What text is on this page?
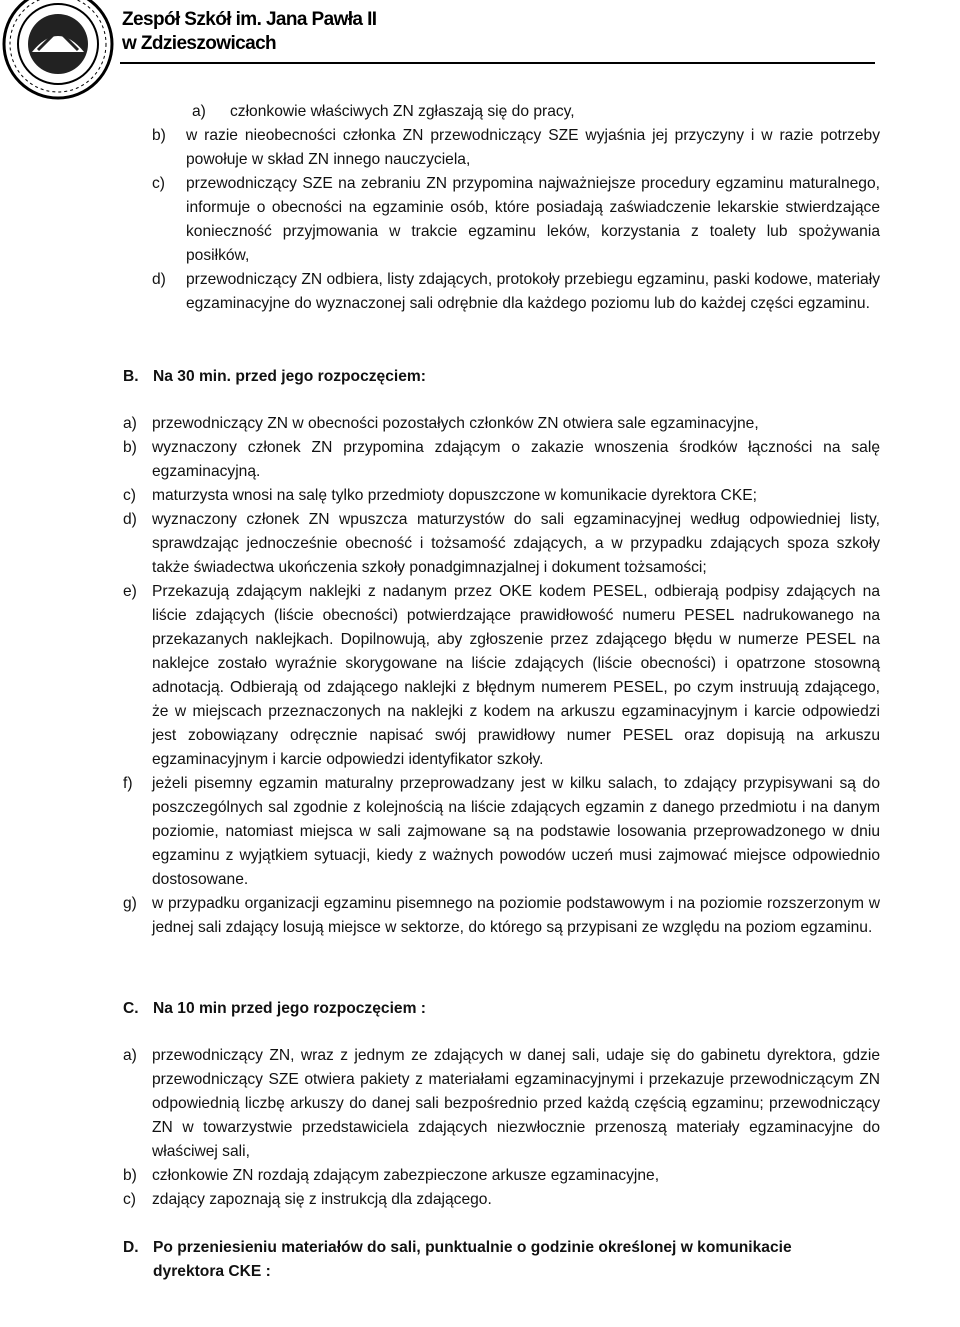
Zespół Szkół im. Jana Pawła II
w Zdzieszowicach
a)	członkowie właściwych ZN zgłaszają się do pracy,
b)	w razie nieobecności członka ZN przewodniczący SZE wyjaśnia jej przyczyny i w razie potrzeby powołuje w skład ZN innego nauczyciela,
c)	przewodniczący SZE na zebraniu ZN przypomina najważniejsze procedury egzaminu maturalnego, informuje o obecności na egzaminie osób, które posiadają zaświadczenie lekarskie stwierdzające konieczność przyjmowania w trakcie egzaminu leków, korzystania z toalety lub spożywania posiłków,
d)	przewodniczący ZN odbiera, listy zdających, protokoły przebiegu egzaminu, paski kodowe, materiały egzaminacyjne do wyznaczonej sali odrębnie dla każdego poziomu lub do każdej części egzaminu.
B. Na 30 min. przed jego rozpoczęciem:
a) przewodniczący ZN w obecności pozostałych członków ZN otwiera sale egzaminacyjne,
b) wyznaczony członek ZN przypomina zdającym o zakazie wnoszenia środków łączności na salę egzaminacyjną.
c)	maturzysta wnosi na salę tylko przedmioty dopuszczone w komunikacie dyrektora CKE;
d) wyznaczony członek ZN wpuszcza maturzystów do sali egzaminacyjnej według odpowiedniej listy, sprawdzając jednocześnie obecność i tożsamość zdających, a w przypadku zdających spoza szkoły także świadectwa ukończenia szkoły ponadgimnazjalnej i dokument tożsamości;
e) Przekazują zdającym naklejki z nadanym przez OKE kodem PESEL, odbierają podpisy zdających na liście zdających (liście obecności) potwierdzające prawidłowość numeru PESEL nadrukowanego na przekazanych naklejkach. Dopilnowują, aby zgłoszenie przez zdającego błędu w numerze PESEL na naklejce zostało wyraźnie skorygowane na liście zdających (liście obecności) i opatrzone stosowną adnotacją. Odbierają od zdającego naklejki z błędnym numerem PESEL, po czym instruują zdającego, że w miejscach przeznaczonych na naklejki z kodem na arkuszu egzaminacyjnym i karcie odpowiedzi jest zobowiązany odręcznie napisać swój prawidłowy numer PESEL oraz dopisują na arkuszu egzaminacyjnym i karcie odpowiedzi identyfikator szkoły.
f)	jeżeli pisemny egzamin maturalny przeprowadzany jest w kilku salach, to zdający przypisywani są do poszczególnych sal zgodnie z kolejnością na liście zdających egzamin z danego przedmiotu i na danym poziomie, natomiast miejsca w sali zajmowane są na podstawie losowania przeprowadzonego w dniu egzaminu z wyjątkiem sytuacji, kiedy z ważnych powodów uczeń musi zajmować miejsce odpowiednio dostosowane.
g) w przypadku organizacji egzaminu pisemnego na poziomie podstawowym i na poziomie rozszerzonym w jednej sali zdający losują miejsce w sektorze, do którego są przypisani ze względu na poziom egzaminu.
C. Na 10 min przed jego rozpoczęciem :
a) przewodniczący ZN, wraz z jednym ze zdających w danej sali, udaje się do gabinetu dyrektora, gdzie przewodniczący SZE otwiera pakiety z materiałami egzaminacyjnymi i przekazuje przewodniczącym ZN odpowiednią liczbę arkuszy do danej sali bezpośrednio przed każdą częścią egzaminu; przewodniczący ZN w towarzystwie przedstawiciela zdających niezwłocznie przenoszą materiały egzaminacyjne do właściwej sali,
b) członkowie ZN rozdają zdającym zabezpieczone arkusze egzaminacyjne,
c)	zdający zapoznają się z instrukcją dla zdającego.
D. Po przeniesieniu materiałów do sali, punktualnie o godzinie określonej w komunikacie dyrektora CKE :
